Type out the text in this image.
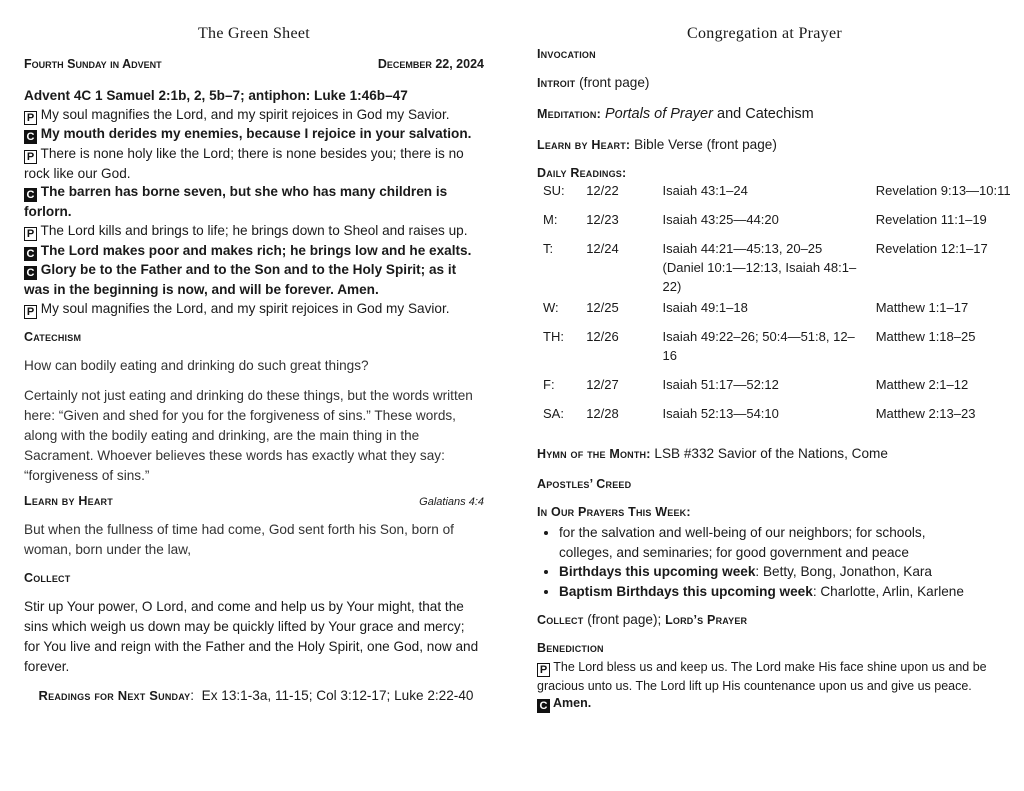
The Green Sheet
Fourth Sunday in Advent	December 22, 2024
Advent 4C 1 Samuel 2:1b, 2, 5b–7; antiphon: Luke 1:46b–47
P My soul magnifies the Lord, and my spirit rejoices in God my Savior.
C My mouth derides my enemies, because I rejoice in your salvation.
P There is none holy like the Lord; there is none besides you; there is no rock like our God.
C The barren has borne seven, but she who has many children is forlorn.
P The Lord kills and brings to life; he brings down to Sheol and raises up.
C The Lord makes poor and makes rich; he brings low and he exalts.
C Glory be to the Father and to the Son and to the Holy Spirit; as it was in the beginning is now, and will be forever. Amen.
P My soul magnifies the Lord, and my spirit rejoices in God my Savior.
Catechism
How can bodily eating and drinking do such great things?
Certainly not just eating and drinking do these things, but the words written here: “Given and shed for you for the forgiveness of sins.” These words, along with the bodily eating and drinking, are the main thing in the Sacrament. Whoever believes these words has exactly what they say: “forgiveness of sins.”
Learn by Heart	Galatians 4:4
But when the fullness of time had come, God sent forth his Son, born of woman, born under the law,
Collect
Stir up Your power, O Lord, and come and help us by Your might, that the sins which weigh us down may be quickly lifted by Your grace and mercy; for You live and reign with the Father and the Holy Spirit, one God, now and forever.
Readings for Next Sunday:  Ex 13:1-3a, 11-15; Col 3:12-17; Luke 2:22-40
Congregation at Prayer
Invocation
Introit (front page)
Meditation: Portals of Prayer and Catechism
Learn by Heart: Bible Verse (front page)
Daily Readings:
SU:	12/22	Isaiah 43:1–24	Revelation 9:13—10:11
M:	12/23	Isaiah 43:25—44:20	Revelation 11:1–19
T:	12/24	Isaiah 44:21—45:13, 20–25 (Daniel 10:1—12:13, Isaiah 48:1–22)	Revelation 12:1–17
W:	12/25	Isaiah 49:1–18	Matthew 1:1–17
TH:	12/26	Isaiah 49:22–26; 50:4—51:8, 12–16	Matthew 1:18–25
F:	12/27	Isaiah 51:17—52:12	Matthew 2:1–12
SA:	12/28	Isaiah 52:13—54:10	Matthew 2:13–23
Hymn of the Month: LSB #332 Savior of the Nations, Come
Apostles’ Creed
In Our Prayers This Week:
• for the salvation and well-being of our neighbors; for schools, colleges, and seminaries; for good government and peace
• Birthdays this upcoming week: Betty, Bong, Jonathon, Kara
• Baptism Birthdays this upcoming week: Charlotte, Arlin, Karlene
Collect (front page); Lord’s Prayer
Benediction
P The Lord bless us and keep us. The Lord make His face shine upon us and be gracious unto us. The Lord lift up His countenance upon us and give us peace.
C Amen.
